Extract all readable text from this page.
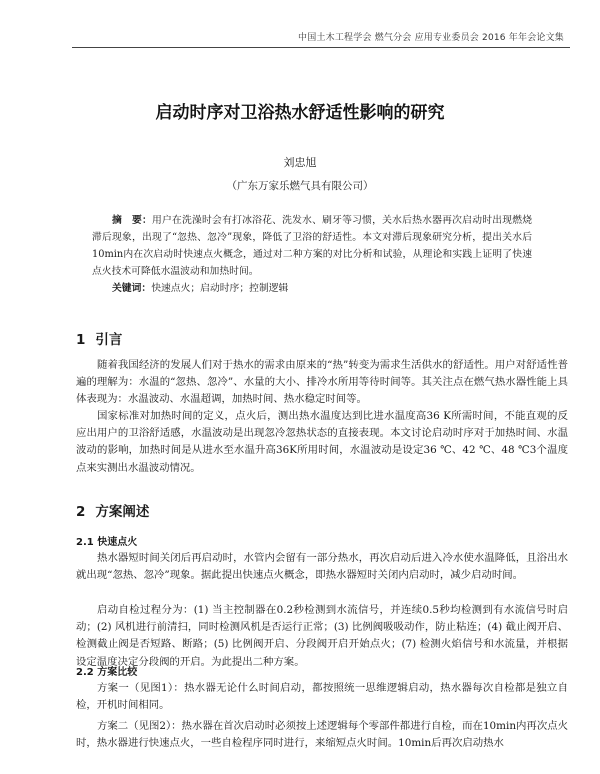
中国土木工程学会 燃气分会 应用专业委员会 2016 年年会论文集
启动时序对卫浴热水舒适性影响的研究
刘忠旭
（广东万家乐燃气具有限公司）

摘　要：用户在洗澡时会有打冰浴花、洗发水、刷牙等习惯，关水后热水器再次启动时出现燃烧滞后现象，出现了“忽热、忽冷”现象，降低了卫浴的舒适性。本文对滞后现象研究分析，提出关水后10min内在次启动时快速点火概念，通过对二种方案的对比分析和试验，从理论和实践上证明了快速点火技术可降低水温波动和加热时间。

关键词：快速点火；启动时序；控制逻辑

1 引言

随着我国经济的发展人们对于热水的需求由原来的“热”转变为需求生活供水的舒适性。用户对舒适性普遍的理解为：水温的“忽热、忽冷”、水量的大小、排冷水所用等待时间等。其关注点在燃气热水器性能上具体表现为：水温波动、水温超调，加热时间、热水稳定时间等。

国家标准对加热时间的定义，点火后，测出热水温度达到比进水温度高36 K所需时间，不能直观的反应出用户的卫浴舒适感，水温波动是出现忽冷忽热状态的直接表现。本文讨论启动时序对于加热时间、水温波动的影响，加热时间是从进水至水温升高36K所用时间，水温波动是设定36 ℃、42 ℃、48 ℃3个温度点来实测出水温波动情况。

2 方案阐述
2.1 快速点火

热水器短时间关闭后再启动时，水管内会留有一部分热水，再次启动后进入冷水使水温降低，且浴出水就出现“忽热、忽冷”现象。据此提出快速点火概念，即热水器短时关闭内启动时，减少启动时间。

启动自检过程分为：(1) 当主控制器在0.2秒检测到水流信号，并连续0.5秒均检测到有水流信号时启动；(2) 风机进行前清扫，同时检测风机是否运行正常；(3) 比例阀吸吸动作，防止粘连；(4) 截止阀开启、检测截止阀是否短路、断路；(5) 比例阀开启、分段阀开启开始点火；(7) 检测火焰信号和水流量，并根据设定温度决定分段阀的开启。为此提出二种方案。

2.2 方案比较

方案一（见图1）：热水器无论什么时间启动，都按照统一思维逻辑启动，热水器每次自检都是独立自检，开机时间相同。

方案二（见图2）：热水器在首次启动时必须按上述逻辑每个零部件都进行自检，而在10min内再次点火时，热水器进行快速点火，一些自检程序同时进行，来缩短点火时间。10min后再次启动热水
